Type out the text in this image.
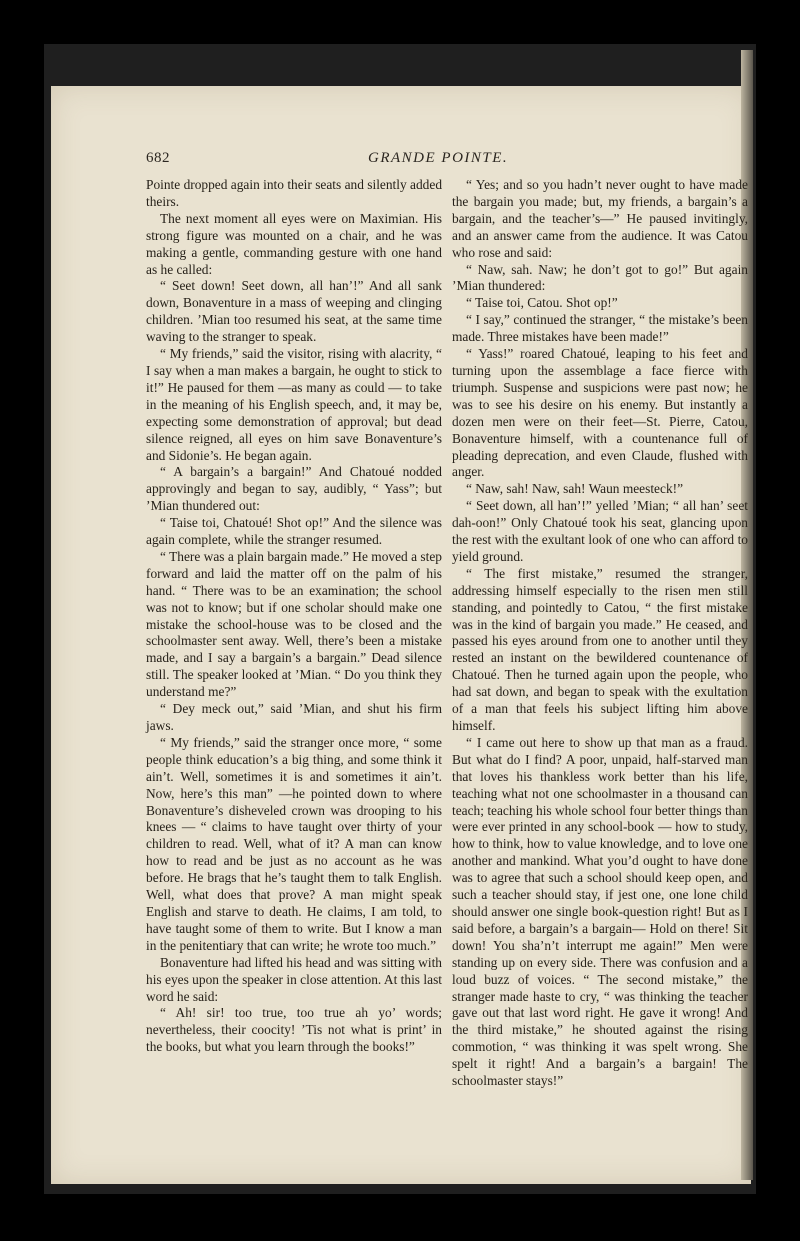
682	GRANDE POINTE.

Pointe dropped again into their seats and silently added theirs.

The next moment all eyes were on Maximian. His strong figure was mounted on a chair, and he was making a gentle, commanding gesture with one hand as he called:

“ Seet down! Seet down, all han’!” And all sank down, Bonaventure in a mass of weeping and clinging children. ’Mian too resumed his seat, at the same time waving to the stranger to speak.

“ My friends,” said the visitor, rising with alacrity, “ I say when a man makes a bargain, he ought to stick to it!” He paused for them —as many as could — to take in the meaning of his English speech, and, it may be, expecting some demonstration of approval; but dead silence reigned, all eyes on him save Bonaventure’s and Sidonie’s. He began again.

“ A bargain’s a bargain!” And Chatoué nodded approvingly and began to say, audibly, “ Yass”; but ’Mian thundered out:

“ Taise toi, Chatoué! Shot op!” And the silence was again complete, while the stranger resumed.

“ There was a plain bargain made.” He moved a step forward and laid the matter off on the palm of his hand. “ There was to be an examination; the school was not to know; but if one scholar should make one mistake the school-house was to be closed and the schoolmaster sent away. Well, there’s been a mistake made, and I say a bargain’s a bargain.” Dead silence still. The speaker looked at ’Mian. “ Do you think they understand me?”

“ Dey meck out,” said ’Mian, and shut his firm jaws.

“ My friends,” said the stranger once more, “ some people think education’s a big thing, and some think it ain’t. Well, sometimes it is and sometimes it ain’t. Now, here’s this man” —he pointed down to where Bonaventure’s disheveled crown was drooping to his knees — “ claims to have taught over thirty of your children to read. Well, what of it? A man can know how to read and be just as no account as he was before. He brags that he’s taught them to talk English. Well, what does that prove? A man might speak English and starve to death. He claims, I am told, to have taught some of them to write. But I know a man in the penitentiary that can write; he wrote too much.”

Bonaventure had lifted his head and was sitting with his eyes upon the speaker in close attention. At this last word he said:

“ Ah! sir! too true, too true ah yo’ words; nevertheless, their coocity! ’Tis not what is print’ in the books, but what you learn through the books!”

“ Yes; and so you hadn’t never ought to have made the bargain you made; but, my friends, a bargain’s a bargain, and the teacher’s—” He paused invitingly, and an answer came from the audience. It was Catou who rose and said:

“ Naw, sah. Naw; he don’t got to go!” But again ’Mian thundered:

“ Taise toi, Catou. Shot op!”

“ I say,” continued the stranger, “ the mistake’s been made. Three mistakes have been made!”

“ Yass!” roared Chatoué, leaping to his feet and turning upon the assemblage a face fierce with triumph. Suspense and suspicions were past now; he was to see his desire on his enemy. But instantly a dozen men were on their feet—St. Pierre, Catou, Bonaventure himself, with a countenance full of pleading deprecation, and even Claude, flushed with anger.

“ Naw, sah! Naw, sah! Waun meesteck!”

“ Seet down, all han’!” yelled ’Mian; “ all han’ seet dah-oon!” Only Chatoué took his seat, glancing upon the rest with the exultant look of one who can afford to yield ground.

“ The first mistake,” resumed the stranger, addressing himself especially to the risen men still standing, and pointedly to Catou, “ the first mistake was in the kind of bargain you made.” He ceased, and passed his eyes around from one to another until they rested an instant on the bewildered countenance of Chatoué. Then he turned again upon the people, who had sat down, and began to speak with the exultation of a man that feels his subject lifting him above himself.

“ I came out here to show up that man as a fraud. But what do I find? A poor, unpaid, half-starved man that loves his thankless work better than his life, teaching what not one schoolmaster in a thousand can teach; teaching his whole school four better things than were ever printed in any school-book — how to study, how to think, how to value knowledge, and to love one another and mankind. What you’d ought to have done was to agree that such a school should keep open, and such a teacher should stay, if jest one, one lone child should answer one single book-question right! But as I said before, a bargain’s a bargain— Hold on there! Sit down! You sha’n’t interrupt me again!” Men were standing up on every side. There was confusion and a loud buzz of voices. “ The second mistake,” the stranger made haste to cry, “ was thinking the teacher gave out that last word right. He gave it wrong! And the third mistake,” he shouted against the rising commotion, “ was thinking it was spelt wrong. She spelt it right! And a bargain’s a bargain! The schoolmaster stays!”
